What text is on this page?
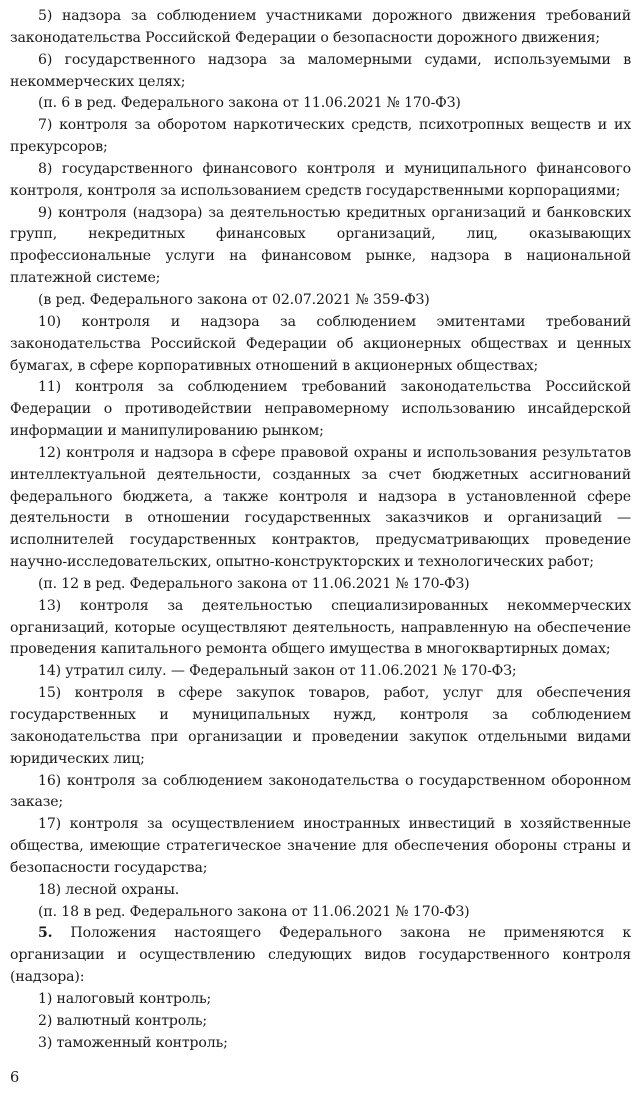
5) надзора за соблюдением участниками дорожного движения требований законодательства Российской Федерации о безопасности дорожного движения;

6) государственного надзора за маломерными судами, используемыми в некоммерческих целях;

(п. 6 в ред. Федерального закона от 11.06.2021 № 170-ФЗ)

7) контроля за оборотом наркотических средств, психотропных веществ и их прекурсоров;

8) государственного финансового контроля и муниципального финансового контроля, контроля за использованием средств государственными корпорациями;

9) контроля (надзора) за деятельностью кредитных организаций и банковских групп, некредитных финансовых организаций, лиц, оказывающих профессиональные услуги на финансовом рынке, надзора в национальной платежной системе;

(в ред. Федерального закона от 02.07.2021 № 359-ФЗ)

10) контроля и надзора за соблюдением эмитентами требований законодательства Российской Федерации об акционерных обществах и ценных бумагах, в сфере корпоративных отношений в акционерных обществах;

11) контроля за соблюдением требований законодательства Российской Федерации о противодействии неправомерному использованию инсайдерской информации и манипулированию рынком;

12) контроля и надзора в сфере правовой охраны и использования результатов интеллектуальной деятельности, созданных за счет бюджетных ассигнований федерального бюджета, а также контроля и надзора в установленной сфере деятельности в отношении государственных заказчиков и организаций — исполнителей государственных контрактов, предусматривающих проведение научно-исследовательских, опытно-конструкторских и технологических работ;

(п. 12 в ред. Федерального закона от 11.06.2021 № 170-ФЗ)

13) контроля за деятельностью специализированных некоммерческих организаций, которые осуществляют деятельность, направленную на обеспечение проведения капитального ремонта общего имущества в многоквартирных домах;

14) утратил силу. — Федеральный закон от 11.06.2021 № 170-ФЗ;

15) контроля в сфере закупок товаров, работ, услуг для обеспечения государственных и муниципальных нужд, контроля за соблюдением законодательства при организации и проведении закупок отдельными видами юридических лиц;

16) контроля за соблюдением законодательства о государственном оборонном заказе;

17) контроля за осуществлением иностранных инвестиций в хозяйственные общества, имеющие стратегическое значение для обеспечения обороны страны и безопасности государства;

18) лесной охраны.

(п. 18 в ред. Федерального закона от 11.06.2021 № 170-ФЗ)

5. Положения настоящего Федерального закона не применяются к организации и осуществлению следующих видов государственного контроля (надзора):

1) налоговый контроль;

2) валютный контроль;

3) таможенный контроль;

6
